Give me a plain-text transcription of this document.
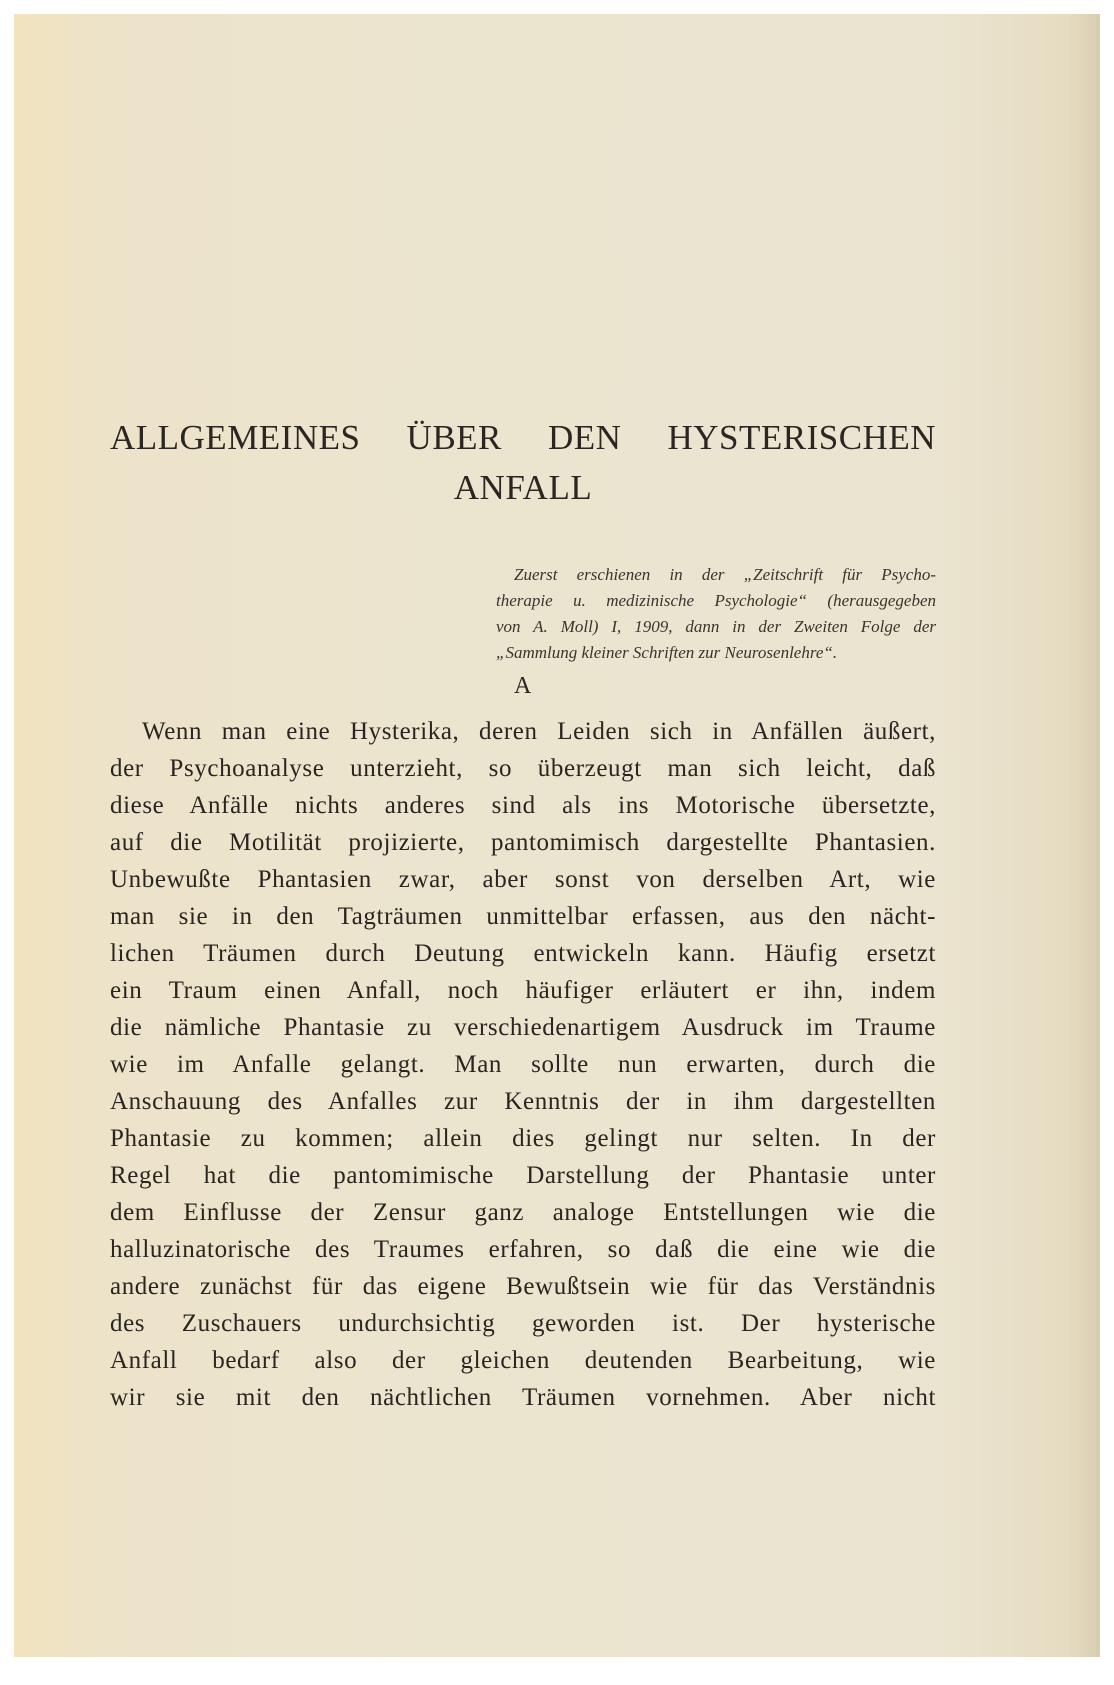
ALLGEMEINES ÜBER DEN HYSTERISCHEN
ANFALL
Zuerst erschienen in der „Zeitschrift für Psycho-
therapie u. medizinische Psychologie“ (herausgegeben
von A. Moll) I, 1909, dann in der Zweiten Folge der
„Sammlung kleiner Schriften zur Neurosenlehre“.
A
Wenn man eine Hysterika, deren Leiden sich in Anfällen äußert,
der Psychoanalyse unterzieht, so überzeugt man sich leicht, daß
diese Anfälle nichts anderes sind als ins Motorische übersetzte,
auf die Motilität projizierte, pantomimisch dargestellte Phantasien.
Unbewußte Phantasien zwar, aber sonst von derselben Art, wie
man sie in den Tagträumen unmittelbar erfassen, aus den nächt-
lichen Träumen durch Deutung entwickeln kann. Häufig ersetzt
ein Traum einen Anfall, noch häufiger erläutert er ihn, indem
die nämliche Phantasie zu verschiedenartigem Ausdruck im Traume
wie im Anfalle gelangt. Man sollte nun erwarten, durch die
Anschauung des Anfalles zur Kenntnis der in ihm dargestellten
Phantasie zu kommen; allein dies gelingt nur selten. In der
Regel hat die pantomimische Darstellung der Phantasie unter
dem Einflusse der Zensur ganz analoge Entstellungen wie die
halluzinatorische des Traumes erfahren, so daß die eine wie die
andere zunächst für das eigene Bewußtsein wie für das Verständnis
des Zuschauers undurchsichtig geworden ist. Der hysterische
Anfall bedarf also der gleichen deutenden Bearbeitung, wie
wir sie mit den nächtlichen Träumen vornehmen. Aber nicht
